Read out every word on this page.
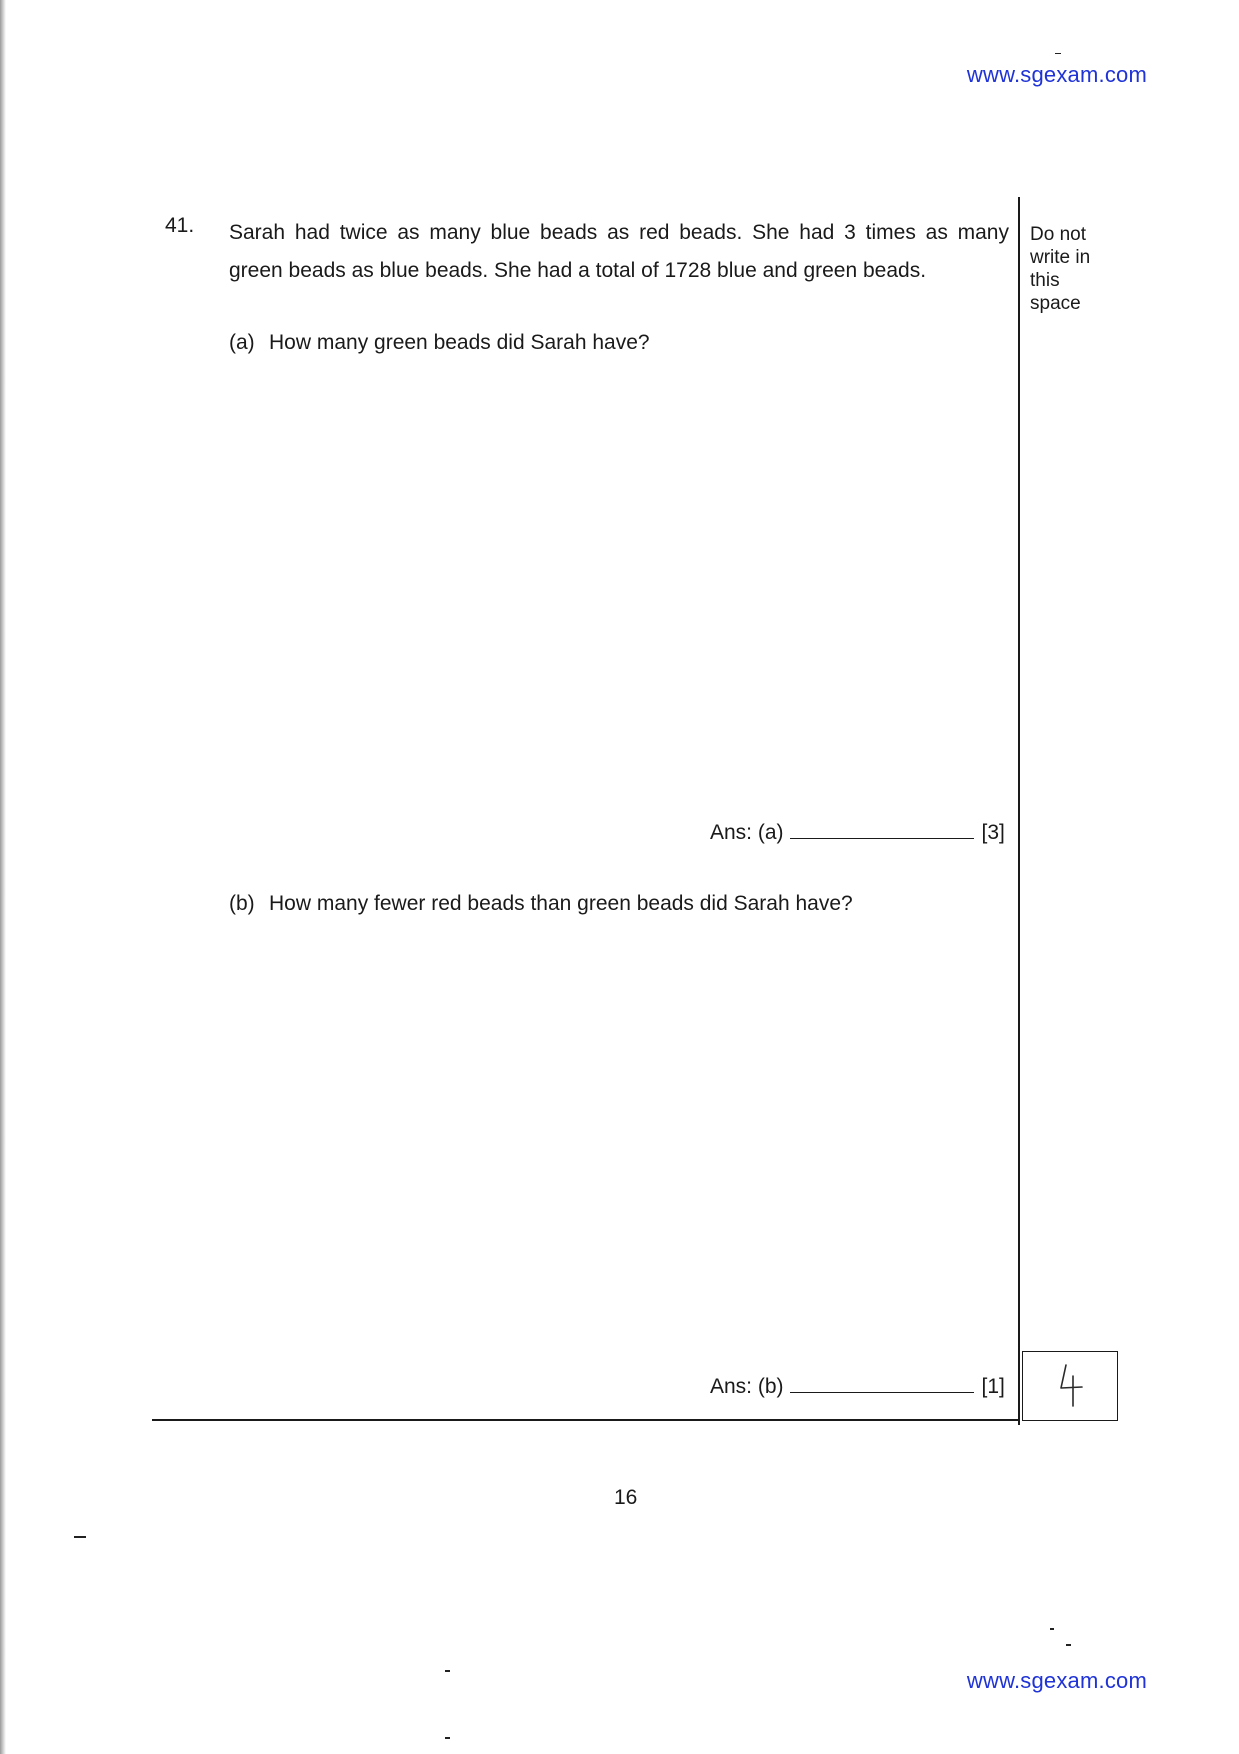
www.sgexam.com
Do not
write in
this
space
41. Sarah had twice as many blue beads as red beads. She had 3 times as many
green beads as blue beads. She had a total of 1728 blue and green beads.
(a) How many green beads did Sarah have?
Ans: (a)	[3]
(b) How many fewer red beads than green beads did Sarah have?
Ans: (b)	[1]
16
www.sgexam.com
